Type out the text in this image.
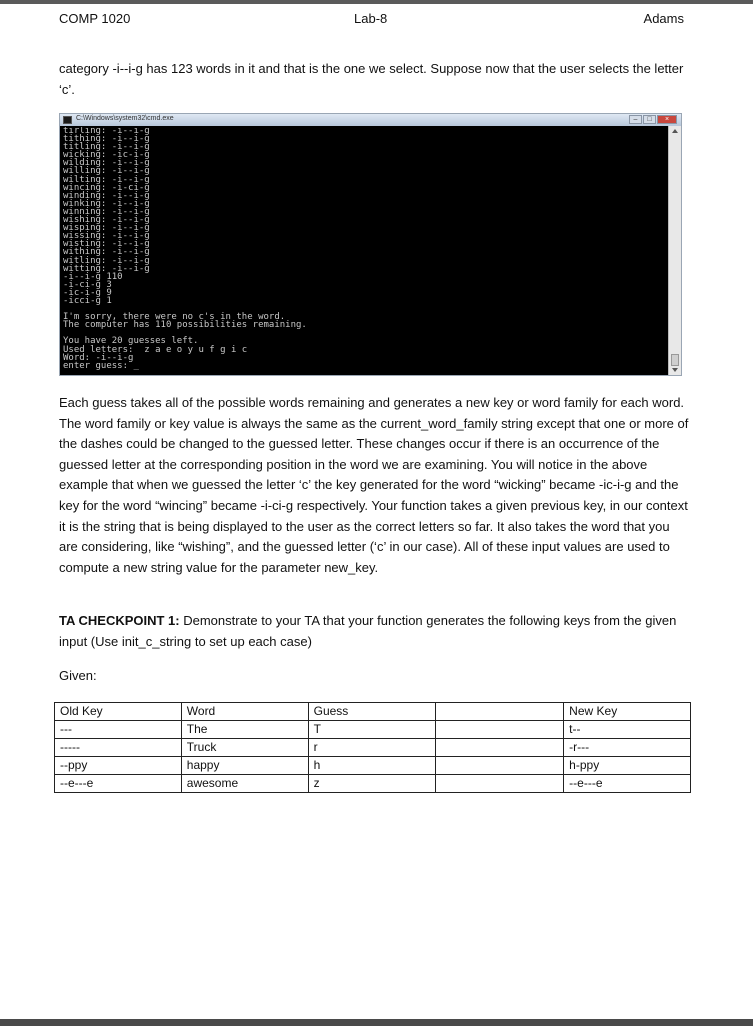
COMP 1020	Lab-8	Adams

category -i--i-g has 123 words in it and that is the one we select. Suppose now that the user selects the letter ‘c’.

C:\Windows\system32\cmd.exe	–	□	×
tirling: -i--i-g
tithing: -i--i-g
titling: -i--i-g
wicking: -ic-i-g
wilding: -i--i-g
willing: -i--i-g
wilting: -i--i-g
wincing: -i-ci-g
winding: -i--i-g
winking: -i--i-g
winning: -i--i-g
wishing: -i--i-g
wisping: -i--i-g
wissing: -i--i-g
wisting: -i--i-g
withing: -i--i-g
witling: -i--i-g
witting: -i--i-g
-i--i-g 110
-i-ci-g 3
-ic-i-g 9
-icci-g 1

I'm sorry, there were no c's in the word.
The computer has 110 possibilities remaining.

You have 20 guesses left.
Used letters:  z a e o y u f g i c
Word: -i--i-g
enter guess: _

Each guess takes all of the possible words remaining and generates a new key or word family for each word. The word family or key value is always the same as the current_word_family string except that one or more of the dashes could be changed to the guessed letter. These changes occur if there is an occurrence of the guessed letter at the corresponding position in the word we are examining. You will notice in the above example that when we guessed the letter ‘c’ the key generated for the word “wicking” became -ic-i-g and the key for the word “wincing” became -i-ci-g respectively. Your function takes a given previous key, in our context it is the string that is being displayed to the user as the correct letters so far. It also takes the word that you are considering, like “wishing”, and the guessed letter (‘c’ in our case). All of these input values are used to compute a new string value for the parameter new_key.

TA CHECKPOINT 1: Demonstrate to your TA that your function generates the following keys from the given input (Use init_c_string to set up each case)

Given:

Old Key	Word	Guess		New Key
---	The	T		t--
-----	Truck	r		-r---
--ppy	happy	h		h-ppy
--e---e	awesome	z		--e---e
